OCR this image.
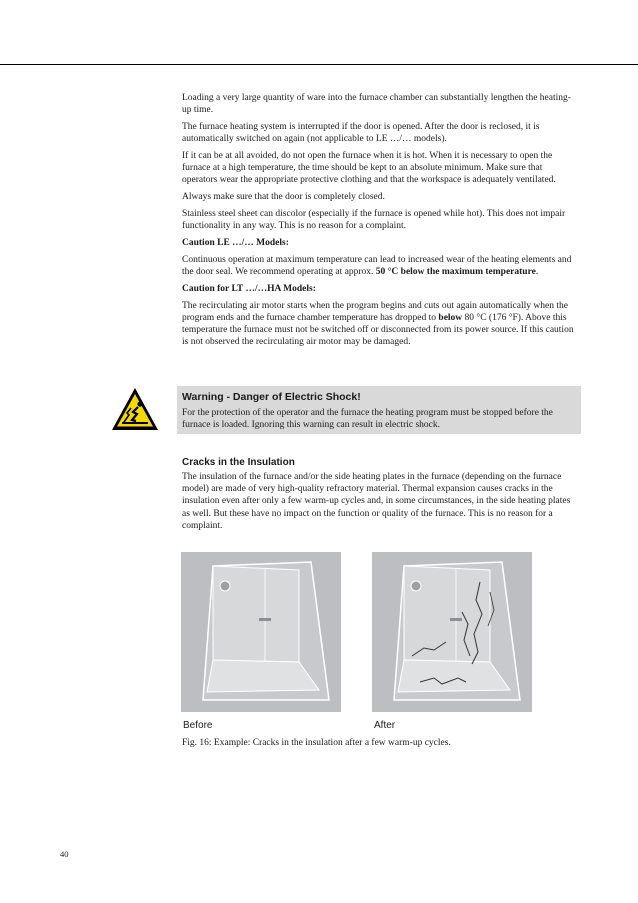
Loading a very large quantity of ware into the furnace chamber can substantially lengthen the heating-up time.

The furnace heating system is interrupted if the door is opened. After the door is reclosed, it is automatically switched on again (not applicable to LE …/… models).

If it can be at all avoided, do not open the furnace when it is hot. When it is necessary to open the furnace at a high temperature, the time should be kept to an absolute minimum. Make sure that operators wear the appropriate protective clothing and that the workspace is adequately ventilated.

Always make sure that the door is completely closed.

Stainless steel sheet can discolor (especially if the furnace is opened while hot). This does not impair functionality in any way. This is no reason for a complaint.

Caution LE …/… Models:

Continuous operation at maximum temperature can lead to increased wear of the heating elements and the door seal. We recommend operating at approx. 50 °C below the maximum temperature.

Caution for LT …/…HA Models:

The recirculating air motor starts when the program begins and cuts out again automatically when the program ends and the furnace chamber temperature has dropped to below 80 °C (176 °F). Above this temperature the furnace must not be switched off or disconnected from its power source. If this caution is not observed the recirculating air motor may be damaged.

Warning - Danger of Electric Shock!
For the protection of the operator and the furnace the heating program must be stopped before the furnace is loaded. Ignoring this warning can result in electric shock.
Cracks in the Insulation
The insulation of the furnace and/or the side heating plates in the furnace (depending on the furnace model) are made of very high-quality refractory material. Thermal expansion causes cracks in the insulation even after only a few warm-up cycles and, in some circumstances, in the side heating plates as well. But these have no impact on the function or quality of the furnace. This is no reason for a complaint.
Before	After
Fig. 16: Example: Cracks in the insulation after a few warm-up cycles.
40
